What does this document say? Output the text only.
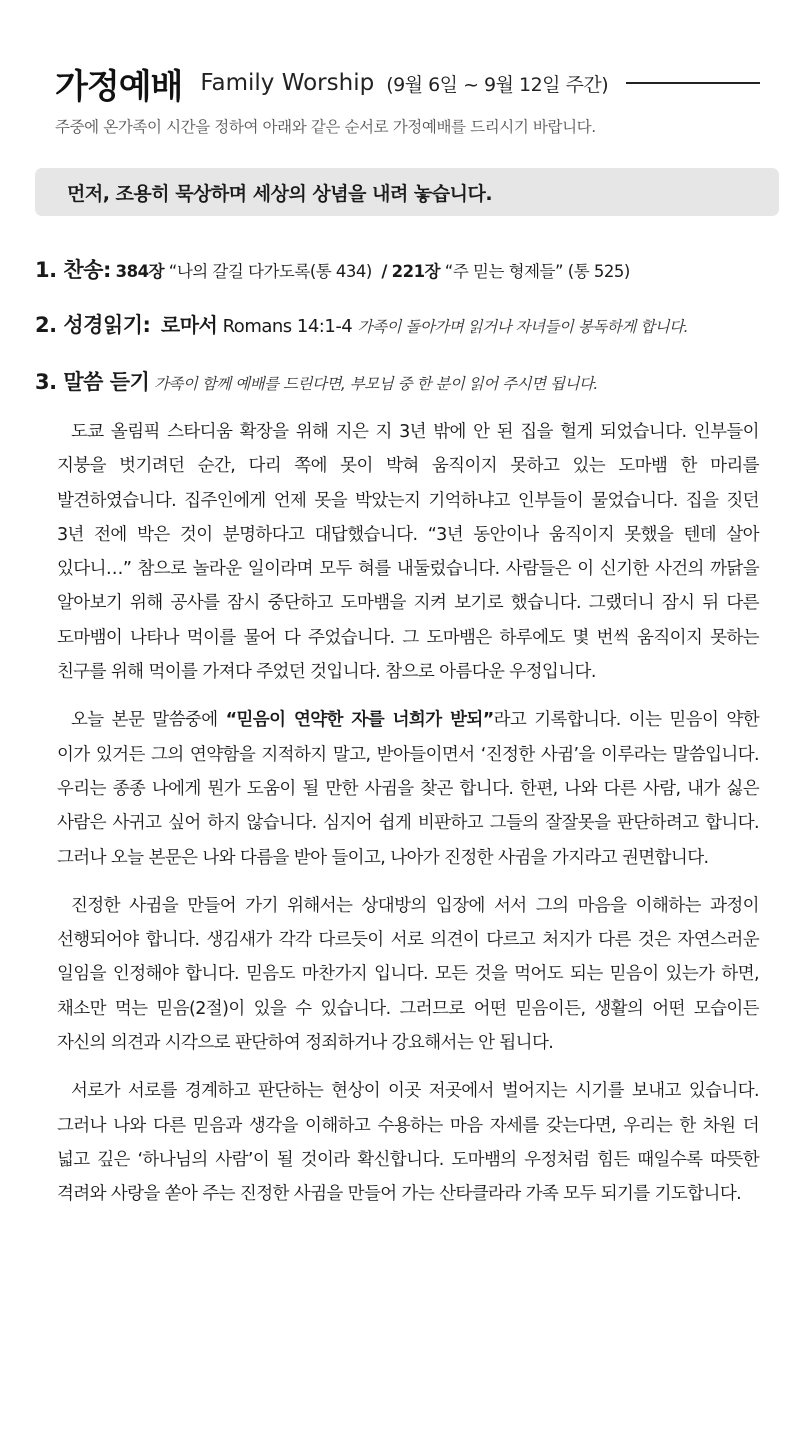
가정예배 Family Worship (9월 6일 ~ 9월 12일 주간)
주중에 온가족이 시간을 정하여 아래와 같은 순서로 가정예배를 드리시기 바랍니다.
먼저, 조용히 묵상하며 세상의 상념을 내려 놓습니다.
1. 찬송: 384장 “나의 갈길 다가도록(통 434) / 221장 “주 믿는 형제들” (통 525)
2. 성경읽기: 로마서 Romans 14:1-4 가족이 돌아가며 읽거나 자녀들이 봉독하게 합니다.
3. 말씀 듣기 가족이 함께 예배를 드린다면, 부모님 중 한 분이 읽어 주시면 됩니다.

도쿄 올림픽 스타디움 확장을 위해 지은 지 3년 밖에 안 된 집을 헐게 되었습니다. 인부들이 지붕을 벗기려던 순간, 다리 쪽에 못이 박혀 움직이지 못하고 있는 도마뱀 한 마리를 발견하였습니다. 집주인에게 언제 못을 박았는지 기억하냐고 인부들이 물었습니다. 집을 짓던 3년 전에 박은 것이 분명하다고 대답했습니다. “3년 동안이나 움직이지 못했을 텐데 살아 있다니…” 참으로 놀라운 일이라며 모두 혀를 내둘렀습니다. 사람들은 이 신기한 사건의 까닭을 알아보기 위해 공사를 잠시 중단하고 도마뱀을 지켜 보기로 했습니다. 그랬더니 잠시 뒤 다른 도마뱀이 나타나 먹이를 물어 다 주었습니다. 그 도마뱀은 하루에도 몇 번씩 움직이지 못하는 친구를 위해 먹이를 가져다 주었던 것입니다. 참으로 아름다운 우정입니다.

오늘 본문 말씀중에 “믿음이 연약한 자를 너희가 받되”라고 기록합니다. 이는 믿음이 약한 이가 있거든 그의 연약함을 지적하지 말고, 받아들이면서 ‘진정한 사귐’을 이루라는 말씀입니다. 우리는 종종 나에게 뭔가 도움이 될 만한 사귐을 찾곤 합니다. 한편, 나와 다른 사람, 내가 싫은 사람은 사귀고 싶어 하지 않습니다. 심지어 쉽게 비판하고 그들의 잘잘못을 판단하려고 합니다. 그러나 오늘 본문은 나와 다름을 받아 들이고, 나아가 진정한 사귐을 가지라고 권면합니다.

진정한 사귐을 만들어 가기 위해서는 상대방의 입장에 서서 그의 마음을 이해하는 과정이 선행되어야 합니다. 생김새가 각각 다르듯이 서로 의견이 다르고 처지가 다른 것은 자연스러운 일임을 인정해야 합니다. 믿음도 마찬가지 입니다. 모든 것을 먹어도 되는 믿음이 있는가 하면, 채소만 먹는 믿음(2절)이 있을 수 있습니다. 그러므로 어떤 믿음이든, 생활의 어떤 모습이든 자신의 의견과 시각으로 판단하여 정죄하거나 강요해서는 안 됩니다.

서로가 서로를 경계하고 판단하는 현상이 이곳 저곳에서 벌어지는 시기를 보내고 있습니다. 그러나 나와 다른 믿음과 생각을 이해하고 수용하는 마음 자세를 갖는다면, 우리는 한 차원 더 넓고 깊은 ‘하나님의 사람’이 될 것이라 확신합니다. 도마뱀의 우정처럼 힘든 때일수록 따뜻한 격려와 사랑을 쏟아 주는 진정한 사귐을 만들어 가는 산타클라라 가족 모두 되기를 기도합니다.
